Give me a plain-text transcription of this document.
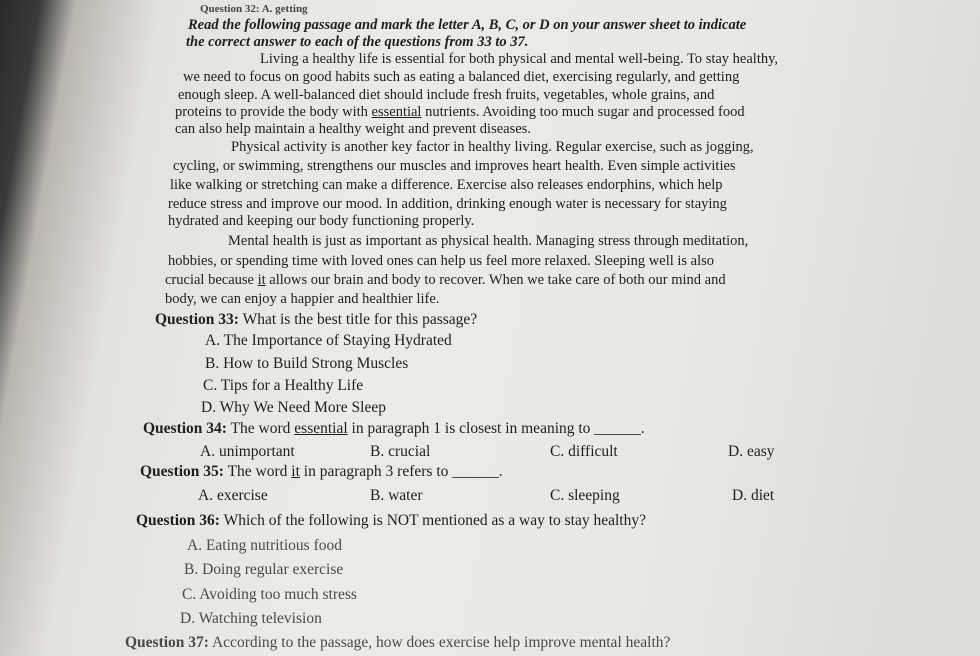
Question 32: A. getting
Read the following passage and mark the letter A, B, C, or D on your answer sheet to indicate
the correct answer to each of the questions from 33 to 37.
Living a healthy life is essential for both physical and mental well-being. To stay healthy,
we need to focus on good habits such as eating a balanced diet, exercising regularly, and getting
enough sleep. A well-balanced diet should include fresh fruits, vegetables, whole grains, and
proteins to provide the body with essential nutrients. Avoiding too much sugar and processed food
can also help maintain a healthy weight and prevent diseases.
Physical activity is another key factor in healthy living. Regular exercise, such as jogging,
cycling, or swimming, strengthens our muscles and improves heart health. Even simple activities
like walking or stretching can make a difference. Exercise also releases endorphins, which help
reduce stress and improve our mood. In addition, drinking enough water is necessary for staying
hydrated and keeping our body functioning properly.
Mental health is just as important as physical health. Managing stress through meditation,
hobbies, or spending time with loved ones can help us feel more relaxed. Sleeping well is also
crucial because it allows our brain and body to recover. When we take care of both our mind and
body, we can enjoy a happier and healthier life.
Question 33: What is the best title for this passage?
A. The Importance of Staying Hydrated
B. How to Build Strong Muscles
C. Tips for a Healthy Life
D. Why We Need More Sleep
Question 34: The word essential in paragraph 1 is closest in meaning to ______.
A. unimportant	B. crucial	C. difficult	D. easy
Question 35: The word it in paragraph 3 refers to ______.
A. exercise	B. water	C. sleeping	D. diet
Question 36: Which of the following is NOT mentioned as a way to stay healthy?
A. Eating nutritious food
B. Doing regular exercise
C. Avoiding too much stress
D. Watching television
Question 37: According to the passage, how does exercise help improve mental health?
